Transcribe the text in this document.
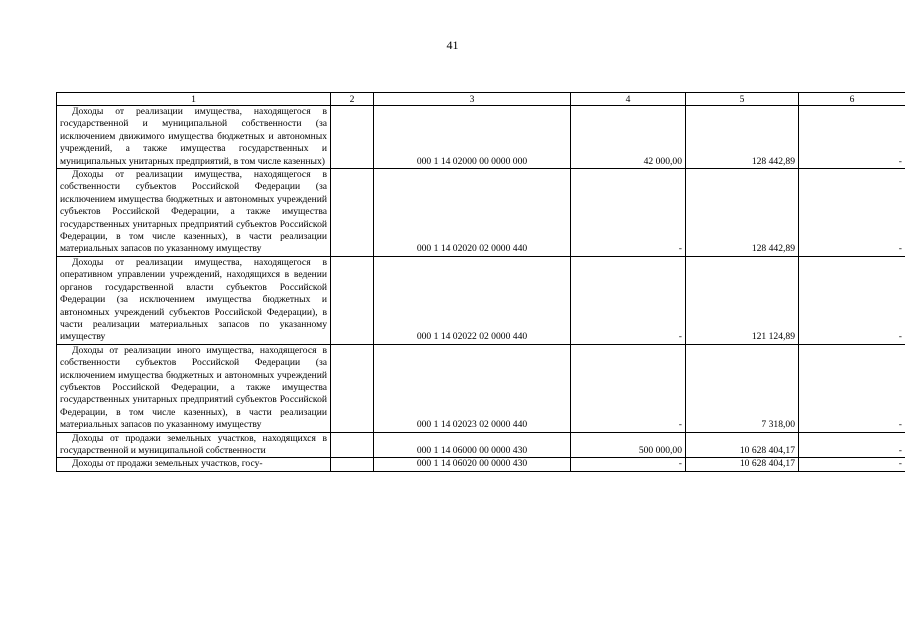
41
1	2	3	4	5	6

Доходы от реализации имущества, находящегося в государственной и муниципальной собственности (за исключением движимого имущества бюджетных и автономных учреждений, а также имущества государственных и муниципальных унитарных предприятий, в том числе казенных)		000 1 14 02000 00 0000 000	42 000,00	128 442,89	-

Доходы от реализации имущества, находящегося в собственности субъектов Российской Федерации (за исключением имущества бюджетных и автономных учреждений субъектов Российской Федерации, а также имущества государственных унитарных предприятий субъектов Российской Федерации, в том числе казенных), в части реализации материальных запасов по указанному имуществу		000 1 14 02020 02 0000 440	-	128 442,89	-

Доходы от реализации имущества, находящегося в оперативном управлении учреждений, находящихся в ведении органов государственной власти субъектов Российской Федерации (за исключением имущества бюджетных и автономных учреждений субъектов Российской Федерации), в части реализации материальных запасов по указанному имуществу		000 1 14 02022 02 0000 440	-	121 124,89	-

Доходы от реализации иного имущества, находящегося в собственности субъектов Российской Федерации (за исключением имущества бюджетных и автономных учреждений субъектов Российской Федерации, а также имущества государственных унитарных предприятий субъектов Российской Федерации, в том числе казенных), в части реализации материальных запасов по указанному имуществу		000 1 14 02023 02 0000 440	-	7 318,00	-

Доходы от продажи земельных участков, находящихся в государственной и муниципальной собственности		000 1 14 06000 00 0000 430	500 000,00	10 628 404,17	-

Доходы от продажи земельных участков, госу-		000 1 14 06020 00 0000 430	-	10 628 404,17	-
